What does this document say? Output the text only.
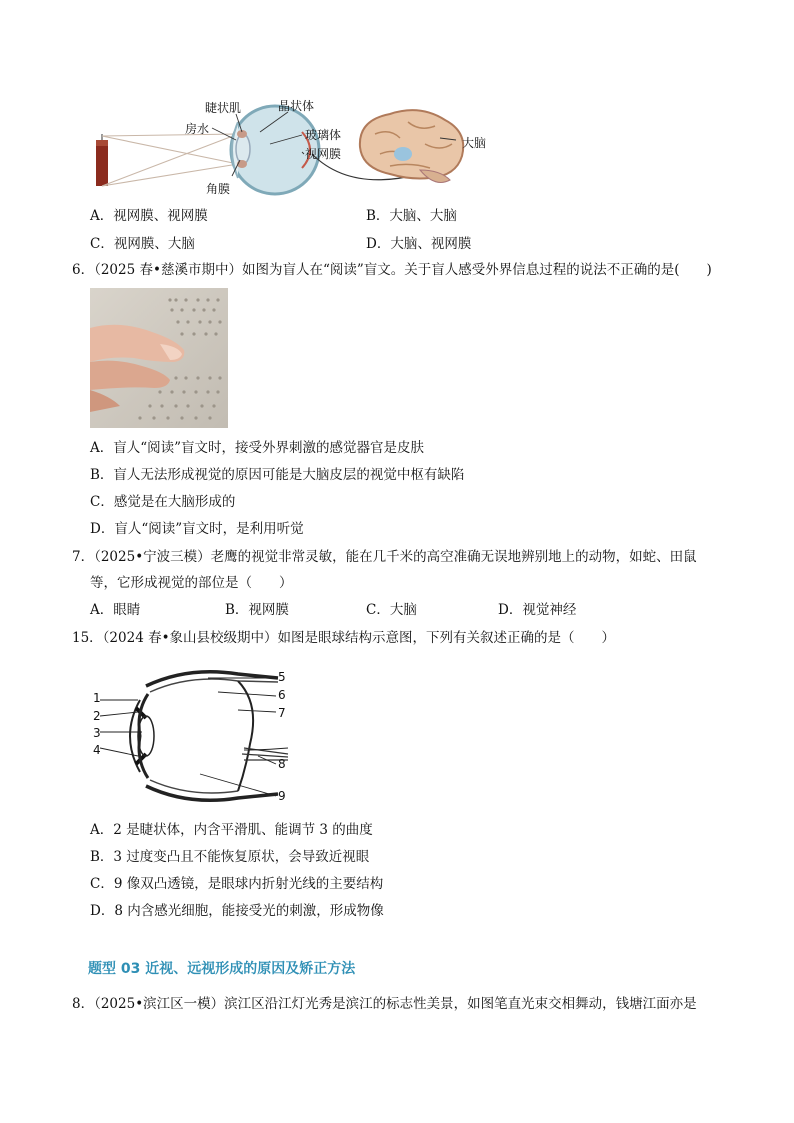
睫状肌	晶状体
房水	玻璃体
视网膜
角膜
大脑
A．视网膜、视网膜	B．大脑、大脑
C．视网膜、大脑	D．大脑、视网膜
6．（2025 春•慈溪市期中）如图为盲人在“阅读”盲文。关于盲人感受外界信息过程的说法不正确的是(　　)
A．盲人“阅读”盲文时，接受外界刺激的感觉器官是皮肤
B．盲人无法形成视觉的原因可能是大脑皮层的视觉中枢有缺陷
C．感觉是在大脑形成的
D．盲人“阅读”盲文时，是利用听觉
7．（2025•宁波三模）老鹰的视觉非常灵敏，能在几千米的高空准确无误地辨别地上的动物，如蛇、田鼠
等，它形成视觉的部位是（　　）
A．眼睛	B．视网膜	C．大脑	D．视觉神经
15．（2024 春•象山县校级期中）如图是眼球结构示意图，下列有关叙述正确的是（　　）
1
2
3
4
5
6
7
8
9
A．2 是睫状体，内含平滑肌、能调节 3 的曲度
B．3 过度变凸且不能恢复原状，会导致近视眼
C．9 像双凸透镜，是眼球内折射光线的主要结构
D．8 内含感光细胞，能接受光的刺激，形成物像
题型 03 近视、远视形成的原因及矫正方法
8．（2025•滨江区一模）滨江区沿江灯光秀是滨江的标志性美景，如图笔直光束交相舞动，钱塘江面亦是
